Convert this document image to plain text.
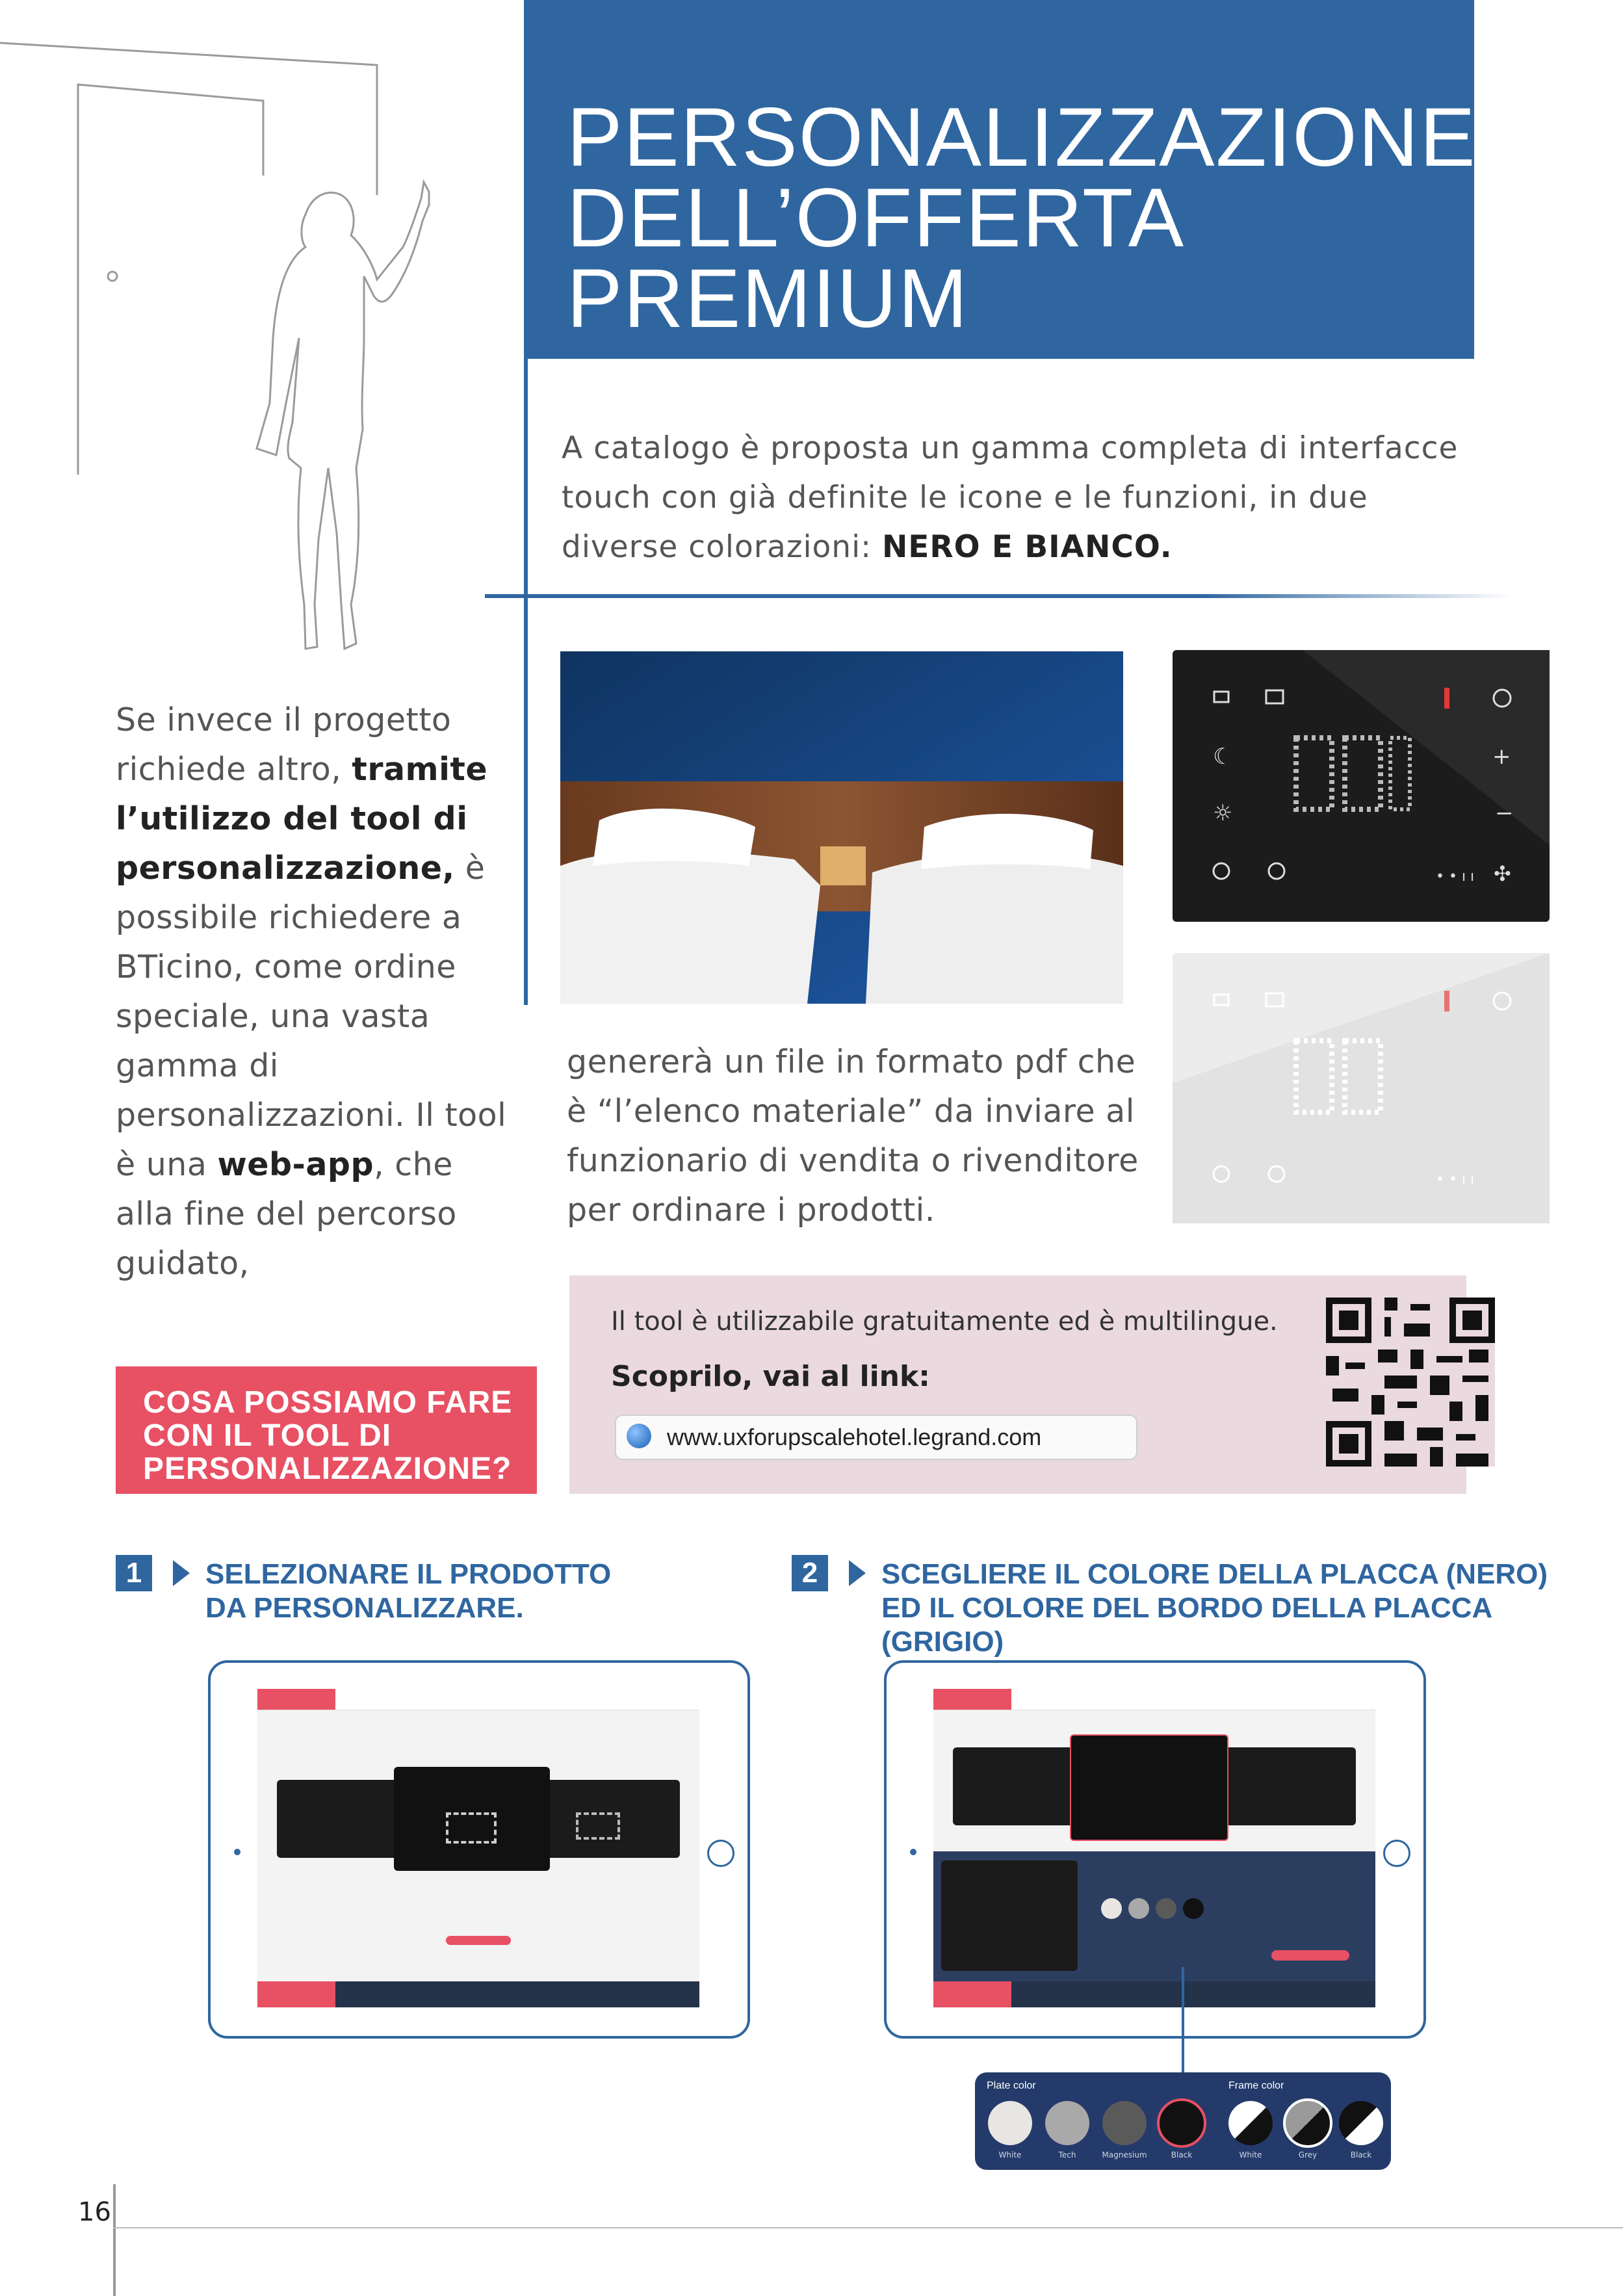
PERSONALIZZAZIONE
DELL’OFFERTA
PREMIUM
A catalogo è proposta un gamma completa di interfacce touch con già definite le icone e le funzioni, in due diverse colorazioni: NERO E BIANCO.
☾
☼
+
−
• • ı ı ✣
• • ı ı
Se invece il progetto richiede altro, tramite l’utilizzo del tool di personalizzazione, è possibile richiedere a BTicino, come ordine speciale, una vasta gamma di personalizzazioni. Il tool è una web-app, che alla fine del percorso guidato,
genererà un file in formato pdf che è “l’elenco materiale” da inviare al funzionario di vendita o rivenditore per ordinare i prodotti.
Il tool è utilizzabile gratuitamente ed è multilingue.
Scoprilo, vai al link:
www.uxforupscalehotel.legrand.com
COSA POSSIAMO FARE CON IL TOOL DI PERSONALIZZAZIONE?
1	SELEZIONARE IL PRODOTTO DA PERSONALIZZARE.
2	SCEGLIERE IL COLORE DELLA PLACCA (NERO) ED IL COLORE DEL BORDO DELLA PLACCA (GRIGIO)
Plate color	Frame color
White	Tech	Magnesium	Black	White	Grey	Black
16
